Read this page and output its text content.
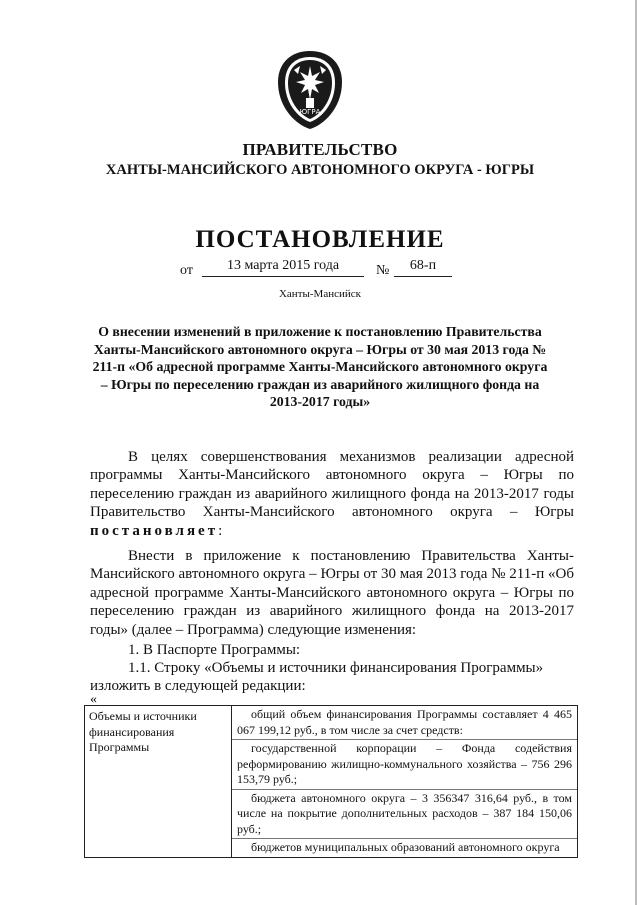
ЮГРА
ПРАВИТЕЛЬСТВО
ХАНТЫ-МАНСИЙСКОГО АВТОНОМНОГО ОКРУГА - ЮГРЫ
ПОСТАНОВЛЕНИЕ
от	13 марта 2015 года	№	68-п
Ханты-Мансийск
О внесении изменений в приложение к постановлению Правительства Ханты-Мансийского автономного округа – Югры от 30 мая 2013 года № 211-п «Об адресной программе Ханты-Мансийского автономного округа – Югры по переселению граждан из аварийного жилищного фонда на 2013-2017 годы»
В целях совершенствования механизмов реализации адресной программы Ханты-Мансийского автономного округа – Югры по переселению граждан из аварийного жилищного фонда на 2013-2017 годы Правительство Ханты-Мансийского автономного округа – Югры постановляет:
Внести в приложение к постановлению Правительства Ханты-Мансийского автономного округа – Югры от 30 мая 2013 года № 211-п «Об адресной программе Ханты-Мансийского автономного округа – Югры по переселению граждан из аварийного жилищного фонда на 2013-2017 годы» (далее – Программа) следующие изменения:
1. В Паспорте Программы:
1.1. Строку «Объемы и источники финансирования Программы»
изложить в следующей редакции:
«
Объемы и источники финансирования Программы	
общий объем финансирования Программы составляет 4 465 067 199,12 руб., в том числе за счет средств:
государственной корпорации – Фонда содействия реформированию жилищно-коммунального хозяйства – 756 296 153,79 руб.;
бюджета автономного округа – 3 356347 316,64 руб., в том числе на покрытие дополнительных расходов – 387 184 150,06 руб.;
бюджетов муниципальных образований автономного округа
